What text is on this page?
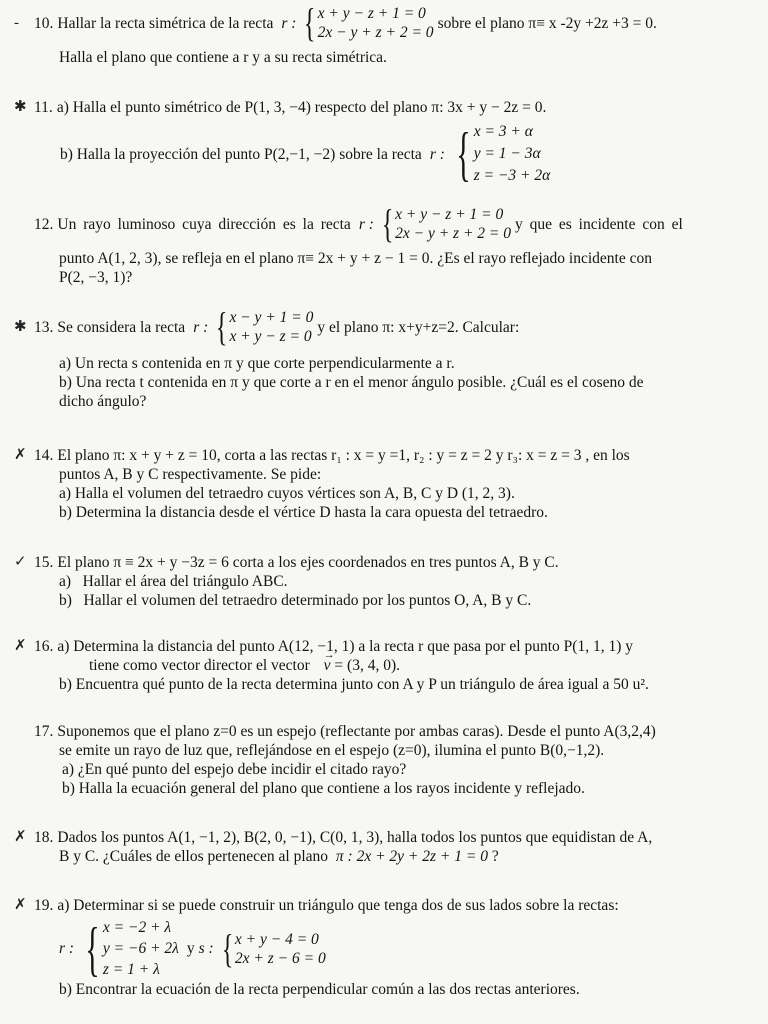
- 10. Hallar la recta simétrica de la recta r : { x + y − z + 1 = 0
2x − y + z + 2 = 0
sobre el plano π≡ x -2y +2z +3 = 0.
Halla el plano que contiene a r y a su recta simétrica.
✱ 11. a) Halla el punto simétrico de P(1, 3, −4) respecto del plano π: 3x + y − 2z = 0.
b) Halla la proyección del punto P(2,−1, −2) sobre la recta r : { x = 3 + α
y = 1 − 3α
z = −3 + 2α
12. Un rayo luminoso cuya dirección es la recta r : { x + y − z + 1 = 0
2x − y + z + 2 = 0
y que es incidente con el
punto A(1, 2, 3), se refleja en el plano π≡ 2x + y + z − 1 = 0. ¿Es el rayo reflejado incidente con
P(2, −3, 1)?
✱ 13. Se considera la recta r : { x − y + 1 = 0
x + y − z = 0
y el plano π: x+y+z=2. Calcular:
a) Un recta s contenida en π y que corte perpendicularmente a r.
b) Una recta t contenida en π y que corte a r en el menor ángulo posible. ¿Cuál es el coseno de
dicho ángulo?
✗ 14. El plano π: x + y + z = 10, corta a las rectas r₁ : x = y =1, r₂ : y = z = 2 y r₃: x = z = 3 , en los
puntos A, B y C respectivamente. Se pide:
a) Halla el volumen del tetraedro cuyos vértices son A, B, C y D (1, 2, 3).
b) Determina la distancia desde el vértice D hasta la cara opuesta del tetraedro.
✓ 15. El plano π ≡ 2x + y −3z = 6 corta a los ejes coordenados en tres puntos A, B y C.
a)   Hallar el área del triángulo ABC.
b)   Hallar el volumen del tetraedro determinado por los puntos O, A, B y C.
✗ 16. a) Determina la distancia del punto A(12, −1, 1) a la recta r que pasa por el punto P(1, 1, 1) y
tiene como vector director el vector → v = (3, 4, 0).
b) Encuentra qué punto de la recta determina junto con A y P un triángulo de área igual a 50 u².
17. Suponemos que el plano z=0 es un espejo (reflectante por ambas caras). Desde el punto A(3,2,4)
se emite un rayo de luz que, reflejándose en el espejo (z=0), ilumina el punto B(0,−1,2).
a) ¿En qué punto del espejo debe incidir el citado rayo?
b) Halla la ecuación general del plano que contiene a los rayos incidente y reflejado.
✗ 18. Dados los puntos A(1, −1, 2), B(2, 0, −1), C(0, 1, 3), halla todos los puntos que equidistan de A,
B y C. ¿Cuáles de ellos pertenecen al plano π : 2x + 2y + 2z + 1 = 0 ?
✗ 19. a) Determinar si se puede construir un triángulo que tenga dos de sus lados sobre la rectas:
r : { x = −2 + λ
y = −6 + 2λ
z = 1 + λ
y s : { x + y − 4 = 0
2x + z − 6 = 0
b) Encontrar la ecuación de la recta perpendicular común a las dos rectas anteriores.
